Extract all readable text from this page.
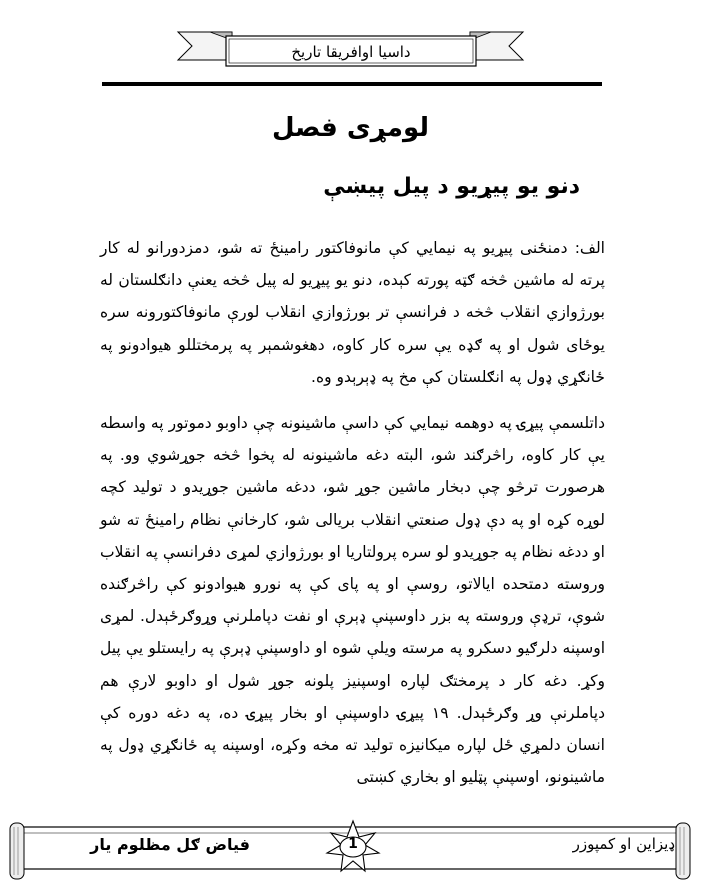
داسیا اوافریقا تاریخ
لومړی فصل
دنو یو پیړیو د پیل پیښې

الف: دمنځنی پیړیو په نیمایي کې مانوفاکتور رامینځ ته شو، دمزدورانو له کار پرته له ماشین څخه ګټه پورته کېده، دنو یو پیړیو له پیل څخه یعنې دانګلستان له بورژوازي انقلاب څخه د فرانسې تر بورژوازي انقلاب لورې مانوفاکتورونه سره یوځای شول او په ګډه یې سره کار کاوه، دهغوشمېر په پرمختللو هیوادونو په ځانګړي ډول په انګلستان کې مخ په ډېرېدو وه.

داتلسمې پیړۍ په دوهمه نیمایي کې داسې ماشینونه چې داوبو دموتور په واسطه یې کار کاوه، راڅرګند شو، البته دغه ماشینونه له پخوا څخه جوړشوي وو. په هرصورت ترڅو چې دبخار ماشین جوړ شو، ددغه ماشین جوړیدو د تولید کچه لوړه کړه او په دې ډول صنعتي انقلاب بریالی شو، کارخانې نظام رامینځ ته شو او ددغه نظام په جوړیدو لو سره پرولتاریا او بورژوازي لمړی دفرانسې په انقلاب وروسته دمتحده ایالاتو، روسې او په پای کې په نورو هیوادونو کې راڅرګنده شوې، ترډې وروسته په بزر داوسپنې ډېرې او نفت دپاملرنې وړوګرځېدل. لمړی اوسپنه دلرګیو دسکرو په مرسته ویلې شوه او داوسپنې ډېرې په رایستلو یې پیل وکړ. دغه کار د پرمختګ لپاره اوسپنیز پلونه جوړ شول او داوبو لارې هم دپاملرنې وړ وګرځېدل. ۱۹ پیړۍ داوسپنې او بخار پیړۍ ده، په دغه دوره کې انسان دلمړي ځل لپاره میکانیزه تولید ته مخه وکړه، اوسپنه په ځانګړي ډول په ماشینونو، اوسپنې پټلیو او بخاري کښتی

فیاض ګل مظلوم یار	1	ډیزاین او کمپوزر
